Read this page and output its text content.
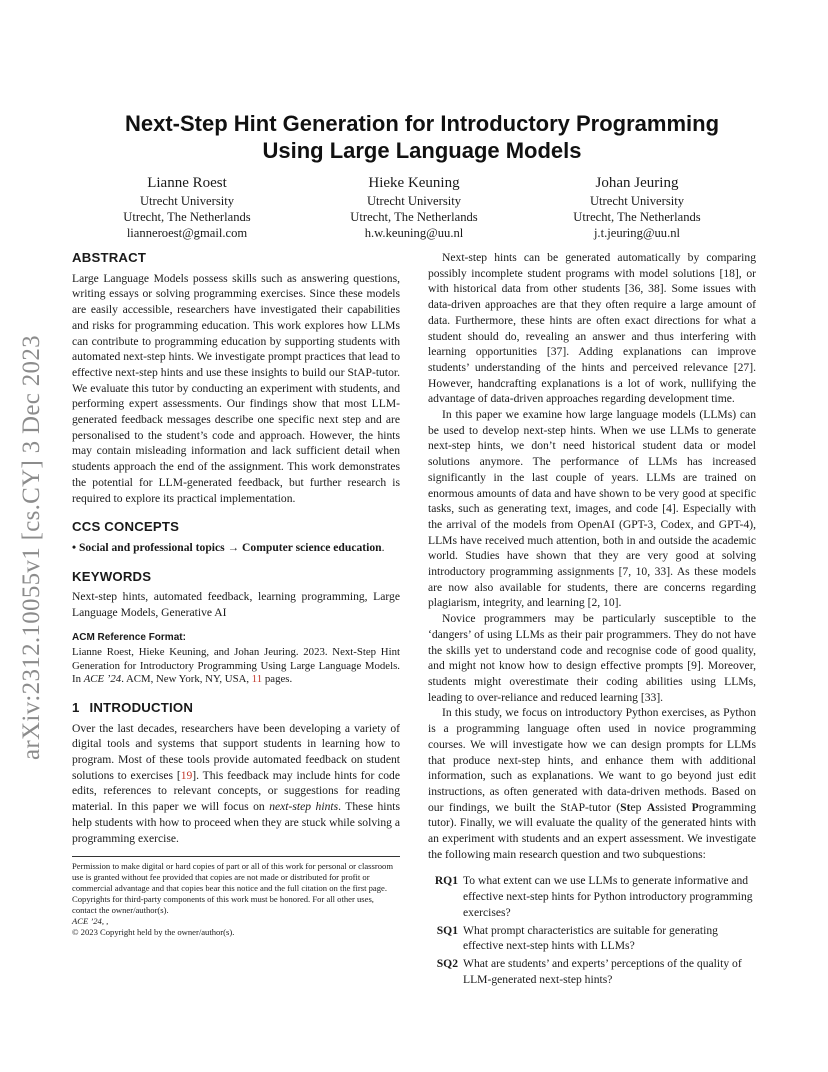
arXiv:2312.10055v1 [cs.CY] 3 Dec 2023
Next-Step Hint Generation for Introductory Programming
Using Large Language Models
Lianne Roest
Utrecht University
Utrecht, The Netherlands
lianneroest@gmail.com
Hieke Keuning
Utrecht University
Utrecht, The Netherlands
h.w.keuning@uu.nl
Johan Jeuring
Utrecht University
Utrecht, The Netherlands
j.t.jeuring@uu.nl
ABSTRACT

Large Language Models possess skills such as answering questions, writing essays or solving programming exercises. Since these models are easily accessible, researchers have investigated their capabilities and risks for programming education. This work explores how LLMs can contribute to programming education by supporting students with automated next-step hints. We investigate prompt practices that lead to effective next-step hints and use these insights to build our StAP-tutor. We evaluate this tutor by conducting an experiment with students, and performing expert assessments. Our findings show that most LLM-generated feedback messages describe one specific next step and are personalised to the student’s code and approach. However, the hints may contain misleading information and lack sufficient detail when students approach the end of the assignment. This work demonstrates the potential for LLM-generated feedback, but further research is required to explore its practical implementation.

CCS CONCEPTS

• Social and professional topics → Computer science education.

KEYWORDS

Next-step hints, automated feedback, learning programming, Large Language Models, Generative AI

ACM Reference Format:

Lianne Roest, Hieke Keuning, and Johan Jeuring. 2023. Next-Step Hint Generation for Introductory Programming Using Large Language Models. In ACE ’24. ACM, New York, NY, USA, 11 pages.

1 INTRODUCTION

Over the last decades, researchers have been developing a variety of digital tools and systems that support students in learning how to program. Most of these tools provide automated feedback on student solutions to exercises [19]. This feedback may include hints for code edits, references to relevant concepts, or suggestions for reading material. In this paper we will focus on next-step hints. These hints help students with how to proceed when they are stuck while solving a programming exercise.

Permission to make digital or hard copies of part or all of this work for personal or classroom use is granted without fee provided that copies are not made or distributed for profit or commercial advantage and that copies bear this notice and the full citation on the first page. Copyrights for third-party components of this work must be honored. For all other uses, contact the owner/author(s).

ACE ’24, ,

© 2023 Copyright held by the owner/author(s).

Next-step hints can be generated automatically by comparing possibly incomplete student programs with model solutions [18], or with historical data from other students [36, 38]. Some issues with data-driven approaches are that they often require a large amount of data. Furthermore, these hints are often exact directions for what a student should do, revealing an answer and thus interfering with learning opportunities [37]. Adding explanations can improve students’ understanding of the hints and perceived relevance [27]. However, handcrafting explanations is a lot of work, nullifying the advantage of data-driven approaches regarding development time.

In this paper we examine how large language models (LLMs) can be used to develop next-step hints. When we use LLMs to generate next-step hints, we don’t need historical student data or model solutions anymore. The performance of LLMs has increased significantly in the last couple of years. LLMs are trained on enormous amounts of data and have shown to be very good at specific tasks, such as generating text, images, and code [4]. Especially with the arrival of the models from OpenAI (GPT-3, Codex, and GPT-4), LLMs have received much attention, both in and outside the academic world. Studies have shown that they are very good at solving introductory programming assignments [7, 10, 33]. As these models are now also available for students, there are concerns regarding plagiarism, integrity, and learning [2, 10].

Novice programmers may be particularly susceptible to the ‘dangers’ of using LLMs as their pair programmers. They do not have the skills yet to understand code and recognise code of good quality, and might not know how to design effective prompts [9]. Moreover, students might overestimate their coding abilities using LLMs, leading to over-reliance and reduced learning [33].

In this study, we focus on introductory Python exercises, as Python is a programming language often used in novice programming courses. We will investigate how we can design prompts for LLMs that produce next-step hints, and enhance them with additional information, such as explanations. We want to go beyond just edit instructions, as often generated with data-driven methods. Based on our findings, we built the StAP-tutor (Step Assisted Programming tutor). Finally, we will evaluate the quality of the generated hints with an experiment with students and an expert assessment. We investigate the following main research question and two subquestions:

RQ1 To what extent can we use LLMs to generate informative and effective next-step hints for Python introductory programming exercises?
SQ1 What prompt characteristics are suitable for generating effective next-step hints with LLMs?
SQ2 What are students’ and experts’ perceptions of the quality of LLM-generated next-step hints?
